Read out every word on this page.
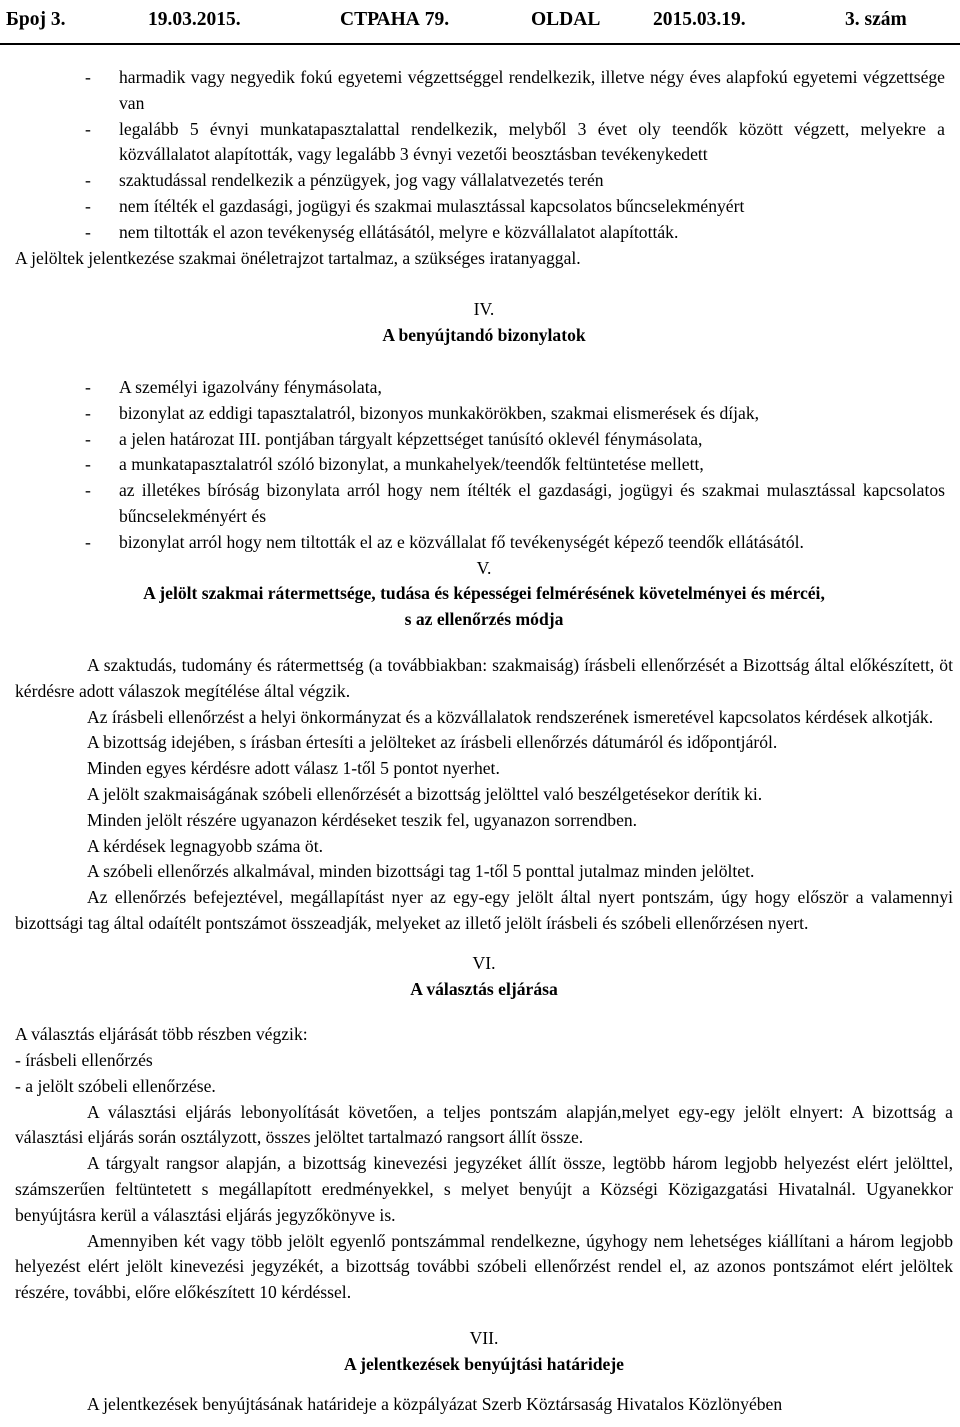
Број 3.	19.03.2015.	СТРАНА 79.	OLDAL	2015.03.19.	3. szám
- harmadik vagy negyedik fokú egyetemi végzettséggel rendelkezik, illetve négy éves alapfokú egyetemi végzettsége van
- legalább 5 évnyi munkatapasztalattal rendelkezik, melyből 3 évet oly teendők között végzett, melyekre a közvállalatot alapították, vagy legalább 3 évnyi vezetői beosztásban tevékenykedett
- szaktudással rendelkezik a pénzügyek, jog vagy vállalatvezetés terén
- nem ítélték el gazdasági, jogügyi és szakmai mulasztással kapcsolatos bűncselekményért
- nem tiltották el azon tevékenység ellátásától, melyre e közvállalatot alapították.

A jelöltek jelentkezése szakmai önéletrajzot tartalmaz, a szükséges iratanyaggal.

IV.
A benyújtandó bizonylatok
- A személyi igazolvány fénymásolata,
- bizonylat az eddigi tapasztalatról, bizonyos munkakörökben, szakmai elismerések és díjak,
- a jelen határozat III. pontjában tárgyalt képzettséget tanúsító oklevél fénymásolata,
- a munkatapasztalatról szóló bizonylat, a munkahelyek/teendők feltüntetése mellett,
- az illetékes bíróság bizonylata arról hogy nem ítélték el gazdasági, jogügyi és szakmai mulasztással kapcsolatos bűncselekményért és
- bizonylat arról hogy nem tiltották el az e közvállalat fő tevékenységét képező teendők ellátásától.
V.
A jelölt szakmai rátermettsége, tudása és képességei felmérésének követelményei és mércéi,
s az ellenőrzés módja

A szaktudás, tudomány és rátermettség (a továbbiakban: szakmaiság) írásbeli ellenőrzését a Bizottság által előkészített, öt kérdésre adott válaszok megítélése által végzik.

Az írásbeli ellenőrzést a helyi önkormányzat és a közvállalatok rendszerének ismeretével kapcsolatos kérdések alkotják.

A bizottság idejében, s írásban értesíti a jelölteket az írásbeli ellenőrzés dátumáról és időpontjáról.

Minden egyes kérdésre adott válasz 1-től 5 pontot nyerhet.

A jelölt szakmaiságának szóbeli ellenőrzését a bizottság jelölttel való beszélgetésekor derítik ki.

Minden jelölt részére ugyanazon kérdéseket teszik fel, ugyanazon sorrendben.

A kérdések legnagyobb száma öt.

A szóbeli ellenőrzés alkalmával, minden bizottsági tag 1-től 5 ponttal jutalmaz minden jelöltet.

Az ellenőrzés befejeztével, megállapítást nyer az egy-egy jelölt által nyert pontszám, úgy hogy először a valamennyi bizottsági tag által odaítélt pontszámot összeadják, melyeket az illető jelölt írásbeli és szóbeli ellenőrzésen nyert.

VI.
A választás eljárása

A választás eljárását több részben végzik:

- írásbeli ellenőrzés

- a jelölt szóbeli ellenőrzése.

A választási eljárás lebonyolítását követően, a teljes pontszám alapján,melyet egy-egy jelölt elnyert: A bizottság a választási eljárás során osztályzott, összes jelöltet tartalmazó rangsort állít össze.

A tárgyalt rangsor alapján, a bizottság kinevezési jegyzéket állít össze, legtöbb három legjobb helyezést elért jelölttel, számszerűen feltüntetett s megállapított eredményekkel, s melyet benyújt a Községi Közigazgatási Hivatalnál. Ugyanekkor benyújtásra kerül a választási eljárás jegyzőkönyve is.

Amennyiben két vagy több jelölt egyenlő pontszámmal rendelkezne, úgyhogy nem lehetséges kiállítani a három legjobb helyezést elért jelölt kinevezési jegyzékét, a bizottság további szóbeli ellenőrzést rendel el, az azonos pontszámot elért jelöltek részére, további, előre előkészített 10 kérdéssel.

VII.
A jelentkezések benyújtási határideje

A jelentkezések benyújtásának határideje a közpályázat Szerb Köztársaság Hivatalos Közlönyében
